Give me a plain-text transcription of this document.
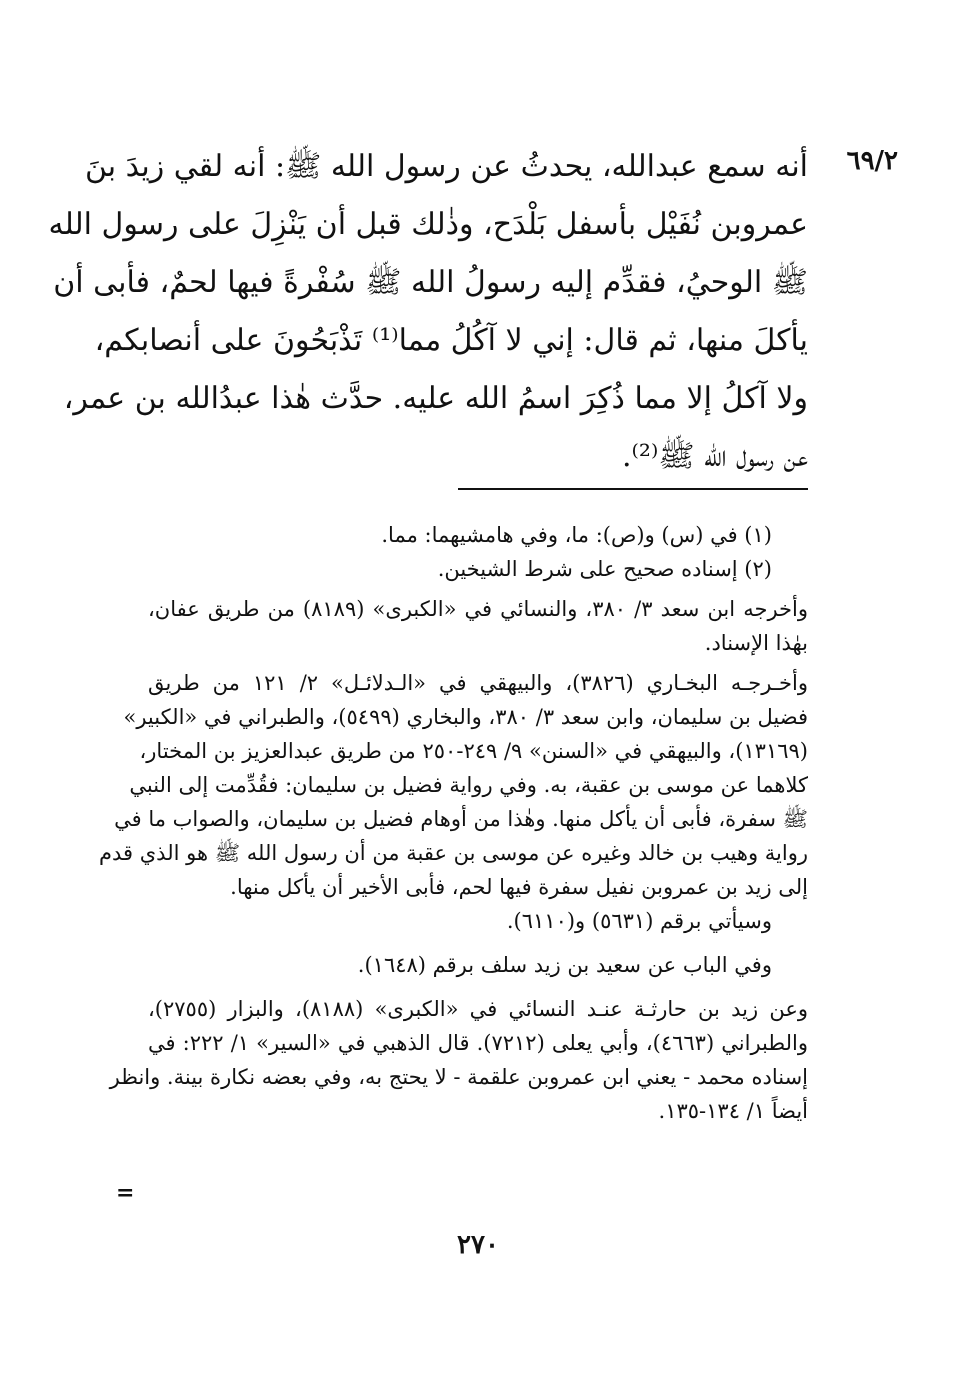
٦٩/٢
أنه سمع عبدالله، يحدثُ عن رسول الله ﷺ: أنه لقي زيدَ بنَ
عمروبن نُفَيْل بأسفل بَلْدَح، وذٰلك قبل أن يَنْزِلَ على رسول الله
ﷺ الوحيُ، فقدِّم إليه رسولُ الله ﷺ سُفْرةً فيها لحمٌ، فأبى أن
يأكلَ منها، ثم قال: إني لا آكُلُ مما⁽¹⁾ تَذْبَحُونَ على أنصابكم،
ولا آكلُ إلا مما ذُكِرَ اسمُ الله عليه. حدَّث هٰذا عبدُالله بن عمر،
عن رسول الله ﷺ⁽²⁾.
(١) في (س) و(ص): ما، وفي هامشيهما: مما.
(٢) إسناده صحيح على شرط الشيخين.
وأخرجه ابن سعد ٣/ ٣٨٠، والنسائي في «الكبرى» (٨١٨٩) من طريق عفان،
بهٰذا الإسناد.
وأخـرجـه البخـاري (٣٨٢٦)، والبيهقي في «الـدلائـل» ٢/ ١٢١ من طريق
فضيل بن سليمان، وابن سعد ٣/ ٣٨٠، والبخاري (٥٤٩٩)، والطبراني في «الكبير»
(١٣١٦٩)، والبيهقي في «السنن» ٩/ ٢٤٩-٢٥٠ من طريق عبدالعزيز بن المختار،
كلاهما عن موسى بن عقبة، به. وفي رواية فضيل بن سليمان: فقُدِّمت إلى النبي
ﷺ سفرة، فأبى أن يأكل منها. وهٰذا من أوهام فضيل بن سليمان، والصواب ما في
رواية وهيب بن خالد وغيره عن موسى بن عقبة من أن رسول الله ﷺ هو الذي قدم
إلى زيد بن عمروبن نفيل سفرة فيها لحم، فأبى الأخير أن يأكل منها.
وسيأتي برقم (٥٦٣١) و(٦١١٠).
وفي الباب عن سعيد بن زيد سلف برقم (١٦٤٨).
وعن زيد بن حارثـة عنـد النسائي في «الكبرى» (٨١٨٨)، والبزار (٢٧٥٥)،
والطبراني (٤٦٦٣)، وأبي يعلى (٧٢١٢). قال الذهبي في «السير» ١/ ٢٢٢: في
إسناده محمد - يعني ابن عمروبن علقمة - لا يحتج به، وفي بعضه نكارة بينة. وانظر
أيضاً ١/ ١٣٤-١٣٥.
=
٢٧٠
